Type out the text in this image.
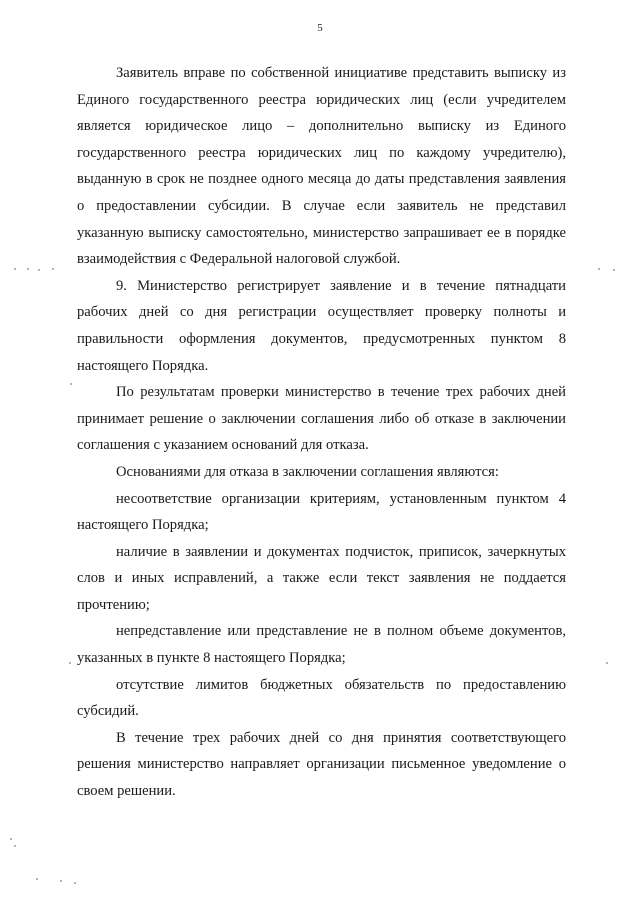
5

Заявитель вправе по собственной инициативе представить выписку из Единого государственного реестра юридических лиц (если учредителем является юридическое лицо – дополнительно выписку из Единого государственного реестра юридических лиц по каждому учредителю), выданную в срок не позднее одного месяца до даты представления заявления о предоставлении субсидии. В случае если заявитель не представил указанную выписку самостоятельно, министерство запрашивает ее в порядке взаимодействия с Федеральной налоговой службой.

9. Министерство регистрирует заявление и в течение пятнадцати рабочих дней со дня регистрации осуществляет проверку полноты и правильности оформления документов, предусмотренных пунктом 8 настоящего Порядка.

По результатам проверки министерство в течение трех рабочих дней принимает решение о заключении соглашения либо об отказе в заключении соглашения с указанием оснований для отказа.

Основаниями для отказа в заключении соглашения являются:

несоответствие организации критериям, установленным пунктом 4 настоящего Порядка;

наличие в заявлении и документах подчисток, приписок, зачеркнутых слов и иных исправлений, а также если текст заявления не поддается прочтению;

непредставление или представление не в полном объеме документов, указанных в пункте 8 настоящего Порядка;

отсутствие лимитов бюджетных обязательств по предоставлению субсидий.

В течение трех рабочих дней со дня принятия соответствующего решения министерство направляет организации письменное уведомление о своем решении.
